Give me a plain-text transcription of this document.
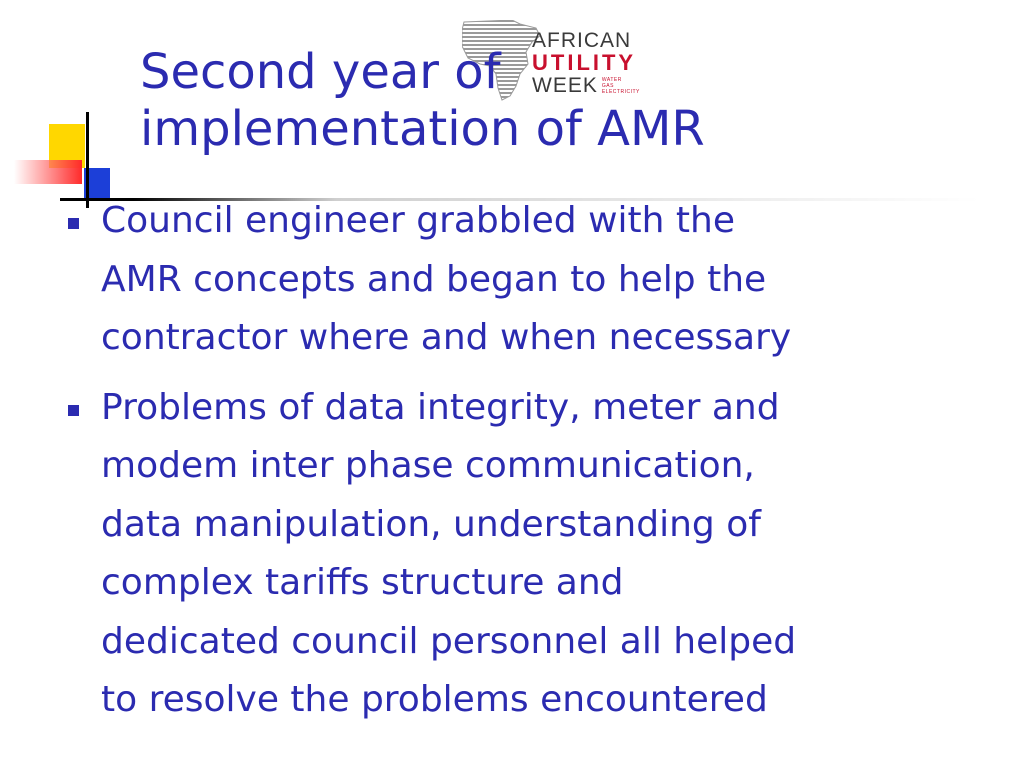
AFRICAN
UTILITY
WEEK WATER
GAS
ELECTRICITY
Second year of
implementation of AMR
Council engineer grabbled with the
AMR concepts and began to help the
contractor where and when necessary
Problems of data integrity, meter and
modem inter phase communication,
data manipulation, understanding of
complex tariffs structure and
dedicated council personnel all helped
to resolve the problems encountered
